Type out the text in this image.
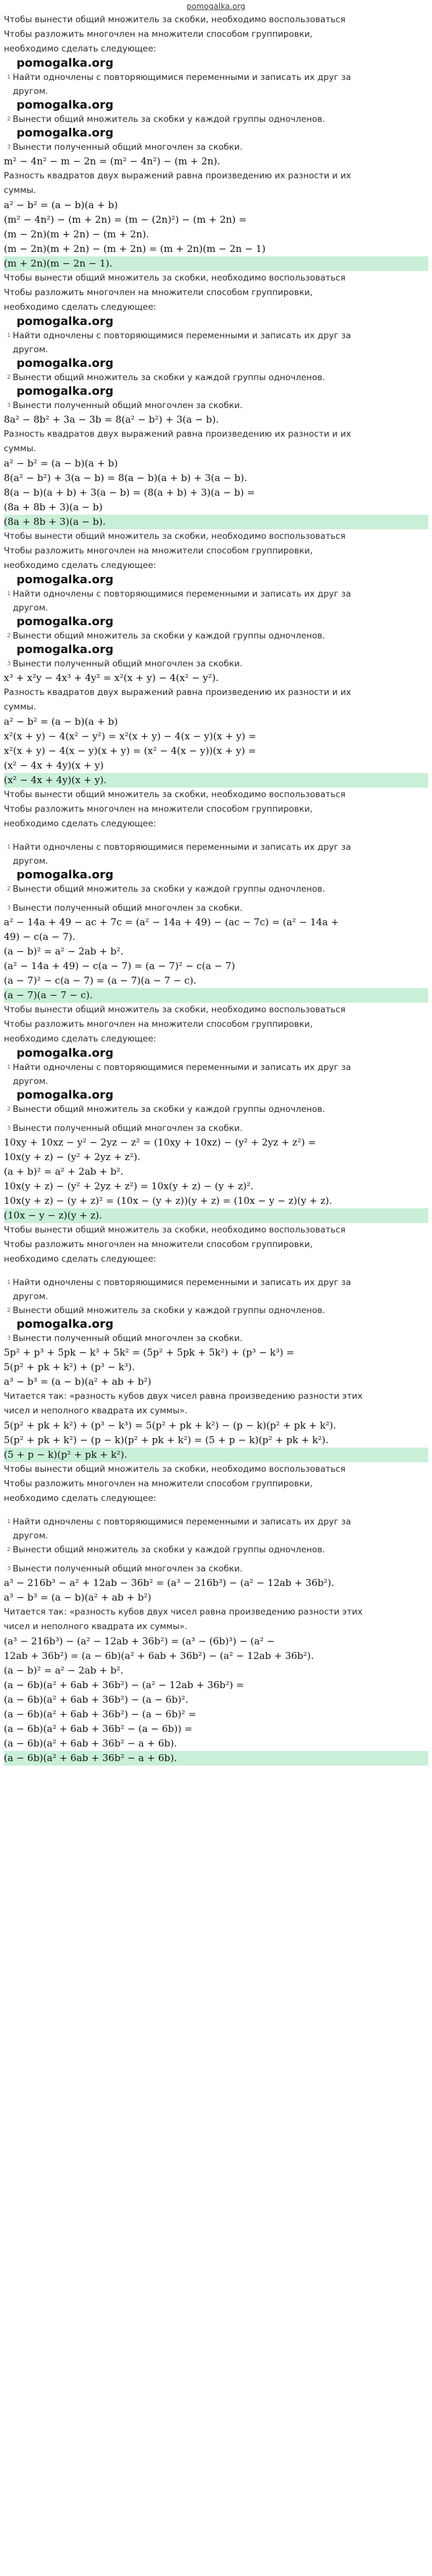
pomogalka.org

Чтобы вынести общий множитель за скобки, необходимо воспользоваться

Чтобы разложить многочлен на множители способом группировки,

необходимо сделать следующее:

pomogalka.org

1 Найти одночлены с повторяющимися переменными и записать их друг за

другом.

pomogalka.org

2 Вынести общий множитель за скобки у каждой группы одночленов.

pomogalka.org

3 Вынести полученный общий многочлен за скобки.

m² − 4n² − m − 2n = (m² − 4n²) − (m + 2n).

Разность квадратов двух выражений равна произведению их разности и их

суммы.

a² − b² = (a − b)(a + b)

(m² − 4n²) − (m + 2n) = (m − (2n)²) − (m + 2n) =

(m − 2n)(m + 2n) − (m + 2n).

(m − 2n)(m + 2n) − (m + 2n) = (m + 2n)(m − 2n − 1)

(m + 2n)(m − 2n − 1).

Чтобы вынести общий множитель за скобки, необходимо воспользоваться

Чтобы разложить многочлен на множители способом группировки,

необходимо сделать следующее:

pomogalka.org

1 Найти одночлены с повторяющимися переменными и записать их друг за

другом.

pomogalka.org

2 Вынести общий множитель за скобки у каждой группы одночленов.

pomogalka.org

3 Вынести полученный общий многочлен за скобки.

8a² − 8b² + 3a − 3b = 8(a² − b²) + 3(a − b).

Разность квадратов двух выражений равна произведению их разности и их

суммы.

a² − b² = (a − b)(a + b)

8(a² − b²) + 3(a − b) = 8(a − b)(a + b) + 3(a − b).

8(a − b)(a + b) + 3(a − b) = (8(a + b) + 3)(a − b) =

(8a + 8b + 3)(a − b)

(8a + 8b + 3)(a − b).

Чтобы вынести общий множитель за скобки, необходимо воспользоваться

Чтобы разложить многочлен на множители способом группировки,

необходимо сделать следующее:

pomogalka.org

1 Найти одночлены с повторяющимися переменными и записать их друг за

другом.

pomogalka.org

2 Вынести общий множитель за скобки у каждой группы одночленов.

pomogalka.org

3 Вынести полученный общий многочлен за скобки.

x³ + x²y − 4x³ + 4y² = x²(x + y) − 4(x² − y²).

Разность квадратов двух выражений равна произведению их разности и их

суммы.

a² − b² = (a − b)(a + b)

x²(x + y) − 4(x² − y²) = x²(x + y) − 4(x − y)(x + y) =

x²(x + y) − 4(x − y)(x + y) = (x² − 4(x − y))(x + y) =

(x² − 4x + 4y)(x + y)

(x² − 4x + 4y)(x + y).

Чтобы вынести общий множитель за скобки, необходимо воспользоваться

Чтобы разложить многочлен на множители способом группировки,

необходимо сделать следующее:

1 Найти одночлены с повторяющимися переменными и записать их друг за

другом.

pomogalka.org

2 Вынести общий множитель за скобки у каждой группы одночленов.

3 Вынести полученный общий многочлен за скобки.

a² − 14a + 49 − ac + 7c = (a² − 14a + 49) − (ac − 7c) = (a² − 14a +

49) − c(a − 7).

(a − b)² = a² − 2ab + b².

(a² − 14a + 49) − c(a − 7) = (a − 7)² − c(a − 7)

(a − 7)² − c(a − 7) = (a − 7)(a − 7 − c).

(a − 7)(a − 7 − c).

Чтобы вынести общий множитель за скобки, необходимо воспользоваться

Чтобы разложить многочлен на множители способом группировки,

необходимо сделать следующее:

pomogalka.org

1 Найти одночлены с повторяющимися переменными и записать их друг за

другом.

pomogalka.org

2 Вынести общий множитель за скобки у каждой группы одночленов.

3 Вынести полученный общий многочлен за скобки.

10xy + 10xz − y² − 2yz − z² = (10xy + 10xz) − (y² + 2yz + z²) =

10x(y + z) − (y² + 2yz + z²).

(a + b)² = a² + 2ab + b².

10x(y + z) − (y² + 2yz + z²) = 10x(y + z) − (y + z)².

10x(y + z) − (y + z)² = (10x − (y + z))(y + z) = (10x − y − z)(y + z).

(10x − y − z)(y + z).

Чтобы вынести общий множитель за скобки, необходимо воспользоваться

Чтобы разложить многочлен на множители способом группировки,

необходимо сделать следующее:

1 Найти одночлены с повторяющимися переменными и записать их друг за

другом.

2 Вынести общий множитель за скобки у каждой группы одночленов.

pomogalka.org

3 Вынести полученный общий многочлен за скобки.

5p² + p³ + 5pk − k³ + 5k² = (5p² + 5pk + 5k²) + (p³ − k³) =

5(p² + pk + k²) + (p³ − k³).

a³ − b³ = (a − b)(a² + ab + b²)

Читается так: «разность кубов двух чисел равна произведению разности этих

чисел и неполного квадрата их суммы».

5(p² + pk + k²) + (p³ − k³) = 5(p² + pk + k²) − (p − k)(p² + pk + k²).

5(p² + pk + k²) − (p − k)(p² + pk + k²) = (5 + p − k)(p² + pk + k²).

(5 + p − k)(p² + pk + k²).

Чтобы вынести общий множитель за скобки, необходимо воспользоваться

Чтобы разложить многочлен на множители способом группировки,

необходимо сделать следующее:

1 Найти одночлены с повторяющимися переменными и записать их друг за

другом.

2 Вынести общий множитель за скобки у каждой группы одночленов.

3 Вынести полученный общий многочлен за скобки.

a³ − 216b³ − a² + 12ab − 36b² = (a³ − 216b³) − (a² − 12ab + 36b²).

a³ − b³ = (a − b)(a² + ab + b²)

Читается так: «разность кубов двух чисел равна произведению разности этих

чисел и неполного квадрата их суммы».

(a³ − 216b³) − (a² − 12ab + 36b²) = (a³ − (6b)³) − (a² −

12ab + 36b²) = (a − 6b)(a² + 6ab + 36b²) − (a² − 12ab + 36b²).

(a − b)² = a² − 2ab + b².

(a − 6b)(a² + 6ab + 36b²) − (a² − 12ab + 36b²) =

(a − 6b)(a² + 6ab + 36b²) − (a − 6b)².

(a − 6b)(a² + 6ab + 36b²) − (a − 6b)² =

(a − 6b)(a² + 6ab + 36b² − (a − 6b)) =

(a − 6b)(a² + 6ab + 36b² − a + 6b).

(a − 6b)(a² + 6ab + 36b² − a + 6b).
